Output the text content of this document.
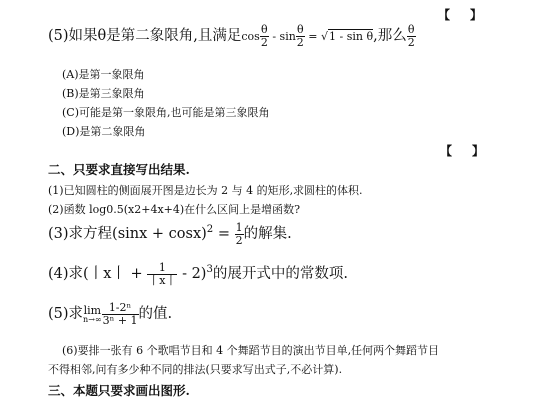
【】
(5)如果θ是第二象限角,且满足$\cos \frac{\theta}{2} - \sin \frac{\theta}{2} = √1 - \sin \theta$,那么 $\frac{\theta}{2}$
(A)是第一象限角
(B)是第三象限角
(C)可能是第一象限角,也可能是第三象限角
(D)是第二象限角
【】
二、只要求直接写出结果.
(1)已知圆柱的侧面展开图是边长为 2 与 4 的矩形,求圆柱的体积.
(2)函数 log0.5(x2+4x+4)在什么区间上是增函数?
(3)求方程$(\sin x + \cos x)^2 = \frac{1}{2}$ 的解集.
(4)求(丨x丨 + $\frac{1}{\text{丨x丨}} - 2)^3$的展开式中的常数项.
(5)求 lim
$n\to\infty \frac{\text{1-2ⁿ}}{\text{3ⁿ + 1}}$ 的值.
(6)要排一张有 6 个歌唱节目和 4 个舞蹈节目的演出节目单,任何两个舞蹈节目
不得相邻,问有多少种不同的排法(只要求写出式子,不必计算).
三、本题只要求画出图形.
